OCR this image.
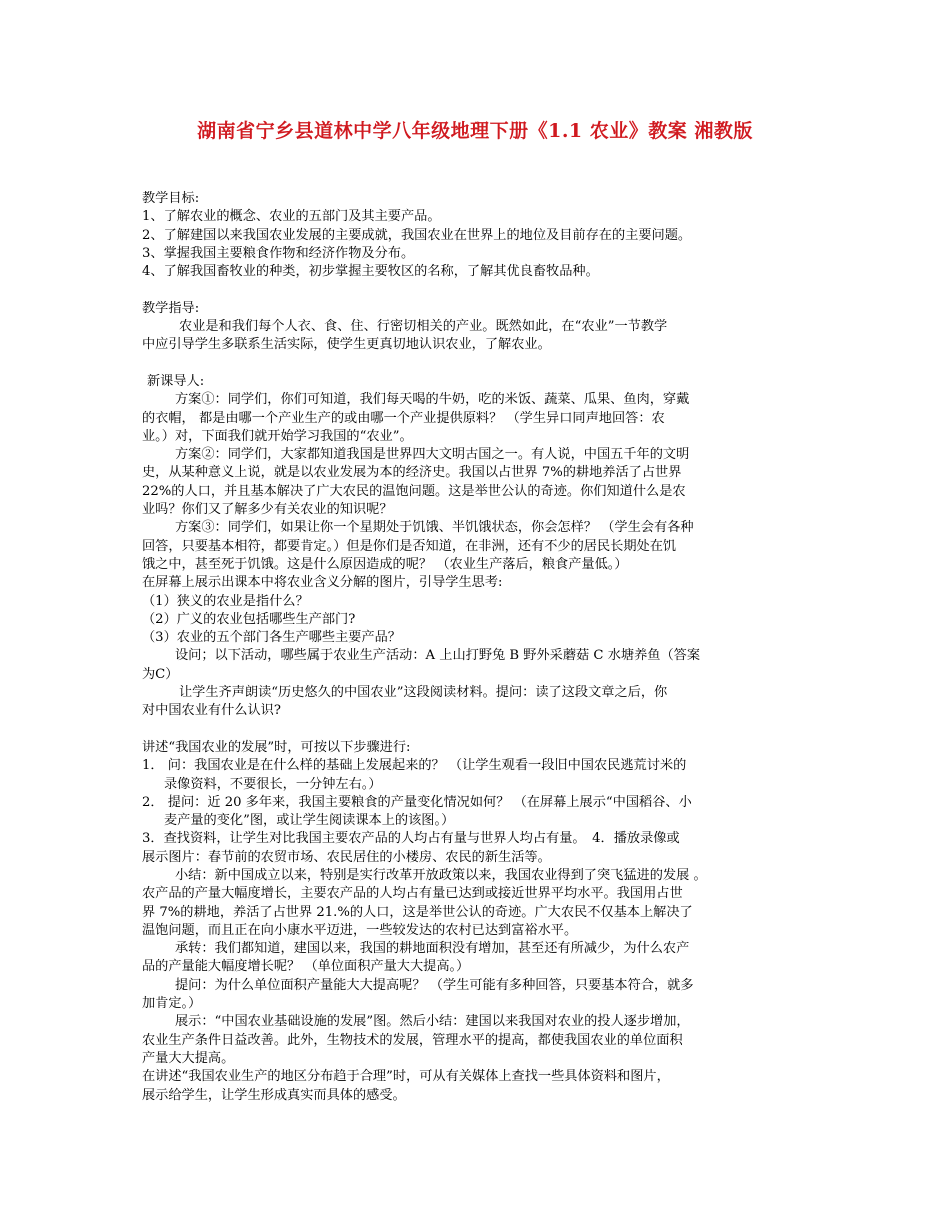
湖南省宁乡县道林中学八年级地理下册《1.1 农业》教案 湘教版
教学目标:
1、了解农业的概念、农业的五部门及其主要产品。
2、了解建国以来我国农业发展的主要成就，我国农业在世界上的地位及目前存在的主要问题。
3、掌握我国主要粮食作物和经济作物及分布。
4、了解我国畜牧业的种类，初步掌握主要牧区的名称，了解其优良畜牧品种。
教学指导:
农业是和我们每个人衣、食、住、行密切相关的产业。既然如此，在“农业”一节教学
中应引导学生多联系生活实际，使学生更真切地认识农业，了解农业。
新课导人:
方案①：同学们，你们可知道，我们每天喝的牛奶，吃的米饭、蔬菜、瓜果、鱼肉，穿戴
的衣帽， 都是由哪一个产业生产的或由哪一个产业提供原料？ （学生异口同声地回答：农
业。）对，下面我们就开始学习我国的“农业”。
方案②：同学们，大家都知道我国是世界四大文明古国之一。有人说，中国五千年的文明
史，从某种意义上说，就是以农业发展为本的经济史。我国以占世界 7%的耕地养活了占世界
22%的人口，并且基本解决了广大农民的温饱问题。这是举世公认的奇迹。你们知道什么是农
业吗？你们又了解多少有关农业的知识呢？
方案③：同学们，如果让你一个星期处于饥饿、半饥饿状态，你会怎样？ （学生会有各种
回答，只要基本相符，都要肯定。）但是你们是否知道，在非洲，还有不少的居民长期处在饥
饿之中，甚至死于饥饿。这是什么原因造成的呢？ （农业生产落后，粮食产量低。）
在屏幕上展示出课本中将农业含义分解的图片，引导学生思考:
（1）狭义的农业是指什么？
（2）广义的农业包括哪些生产部门?
（3）农业的五个部门各生产哪些主要产品？
设问；以下活动，哪些属于农业生产活动：A 上山打野兔 B 野外采蘑菇 C 水塘养鱼（答案
为C）
让学生齐声朗读“历史悠久的中国农业”这段阅读材料。提问：读了这段文章之后，你
对中国农业有什么认识?
讲述“我国农业的发展”时，可按以下步骤进行:
1． 问：我国农业是在什么样的基础上发展起来的？ （让学生观看一段旧中国农民逃荒讨米的
录像资料，不要很长，一分钟左右。）
2． 提问：近 20 多年来，我国主要粮食的产量变化情况如何？ （在屏幕上展示“中国稻谷、小
麦产量的变化”图，或让学生阅读课本上的该图。）
3．查找资料，让学生对比我国主要农产品的人均占有量与世界人均占有量。　4．播放录像或
展示图片：春节前的农贸市场、农民居住的小楼房、农民的新生活等。
小结：新中国成立以来，特别是实行改革开放政策以来，我国农业得到了突飞猛进的发展 。
农产品的产量大幅度增长，主要农产品的人均占有量已达到或接近世界平均水平。我国用占世
界 7%的耕地，养活了占世界 21.%的人口，这是举世公认的奇迹。广大农民不仅基本上解决了
温饱问题，而且正在向小康水平迈进，一些较发达的农村已达到富裕水平。
承转：我们都知道，建国以来，我国的耕地面积没有增加，甚至还有所减少，为什么农产
品的产量能大幅度增长呢？ （单位面积产量大大提高。）
提问：为什么单位面积产量能大大提高呢？ （学生可能有多种回答，只要基本符合，就多
加肯定。）
展示：“中国农业基础设施的发展”图。然后小结：建国以来我国对农业的投人逐步增加，
农业生产条件日益改善。此外，生物技术的发展，管理水平的提高，都使我国农业的单位面积
产量大大提高。
在讲述“我国农业生产的地区分布趋于合理”时，可从有关媒体上查找一些具体资料和图片，
展示给学生，让学生形成真实而具体的感受。
